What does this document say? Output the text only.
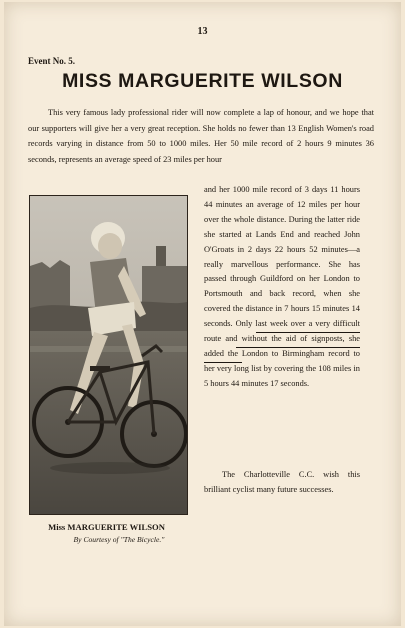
13
Event No. 5.
MISS MARGUERITE WILSON

This very famous lady professional rider will now complete a lap of honour, and we hope that our supporters will give her a very great reception. She holds no fewer than 13 English Women's road records varying in distance from 50 to 1000 miles. Her 50 mile record of 2 hours 9 minutes 36 seconds, represents an average speed of 23 miles per hour

Miss MARGUERITE WILSON
By Courtesy of "The Bicycle."

and her 1000 mile record of 3 days 11 hours 44 minutes an average of 12 miles per hour over the whole distance. During the latter ride she started at Lands End and reached John O'Groats in 2 days 22 hours 52 minutes—a really marvellous performance. She has passed through Guildford on her London to Portsmouth and back record, when she covered the distance in 7 hours 15 minutes 14 seconds. Only last week over a very difficult route and without the aid of signposts, she added the London to Birmingham record to her very long list by covering the 108 miles in 5 hours 44 minutes 17 seconds.

The Charlotteville C.C. wish this brilliant cyclist many future successes.
